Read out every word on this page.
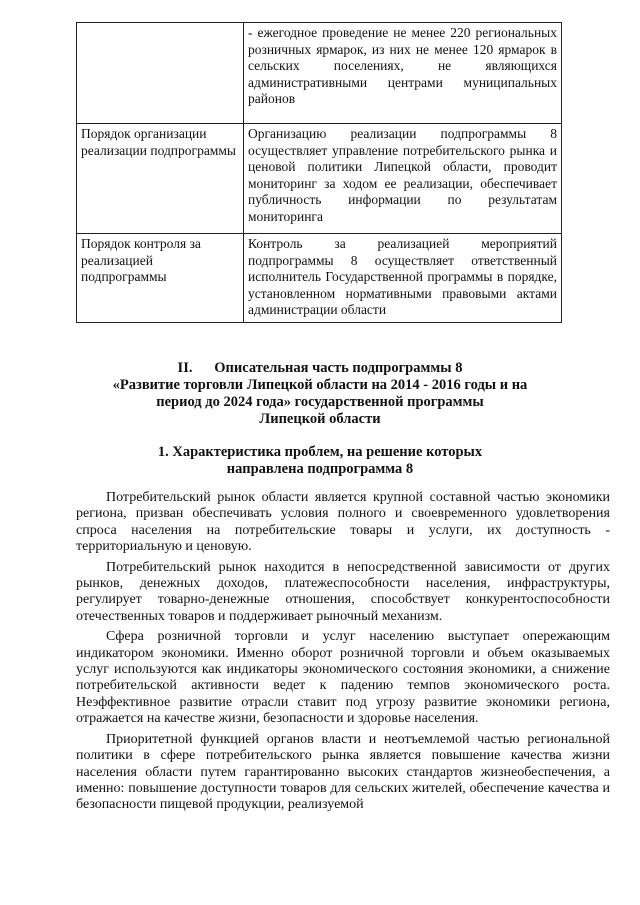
	- ежегодное проведение не менее 220 региональных розничных ярмарок, из них не менее 120 ярмарок в сельских поселениях, не являющихся административными центрами муниципальных районов
Порядок организации реализации подпрограммы	Организацию реализации подпрограммы 8 осуществляет управление потребительского рынка и ценовой политики Липецкой области, проводит мониторинг за ходом ее реализации, обеспечивает публичность информации по результатам мониторинга
Порядок контроля за реализацией подпрограммы	Контроль за реализацией мероприятий подпрограммы 8 осуществляет ответственный исполнитель Государственной программы в порядке, установленном нормативными правовыми актами администрации области
II. Описательная часть подпрограммы 8
«Развитие торговли Липецкой области на 2014 - 2016 годы и на
период до 2024 года» государственной программы
Липецкой области
1. Характеристика проблем, на решение которых
направлена подпрограмма 8

Потребительский рынок области является крупной составной частью экономики региона, призван обеспечивать условия полного и своевременного удовлетворения спроса населения на потребительские товары и услуги, их доступность - территориальную и ценовую.

Потребительский рынок находится в непосредственной зависимости от других рынков, денежных доходов, платежеспособности населения, инфраструктуры, регулирует товарно-денежные отношения, способствует конкурентоспособности отечественных товаров и поддерживает рыночный механизм.

Сфера розничной торговли и услуг населению выступает опережающим индикатором экономики. Именно оборот розничной торговли и объем оказываемых услуг используются как индикаторы экономического состояния экономики, а снижение потребительской активности ведет к падению темпов экономического роста. Неэффективное развитие отрасли ставит под угрозу развитие экономики региона, отражается на качестве жизни, безопасности и здоровье населения.

Приоритетной функцией органов власти и неотъемлемой частью региональной политики в сфере потребительского рынка является повышение качества жизни населения области путем гарантированно высоких стандартов жизнеобеспечения, а именно: повышение доступности товаров для сельских жителей, обеспечение качества и безопасности пищевой продукции, реализуемой
